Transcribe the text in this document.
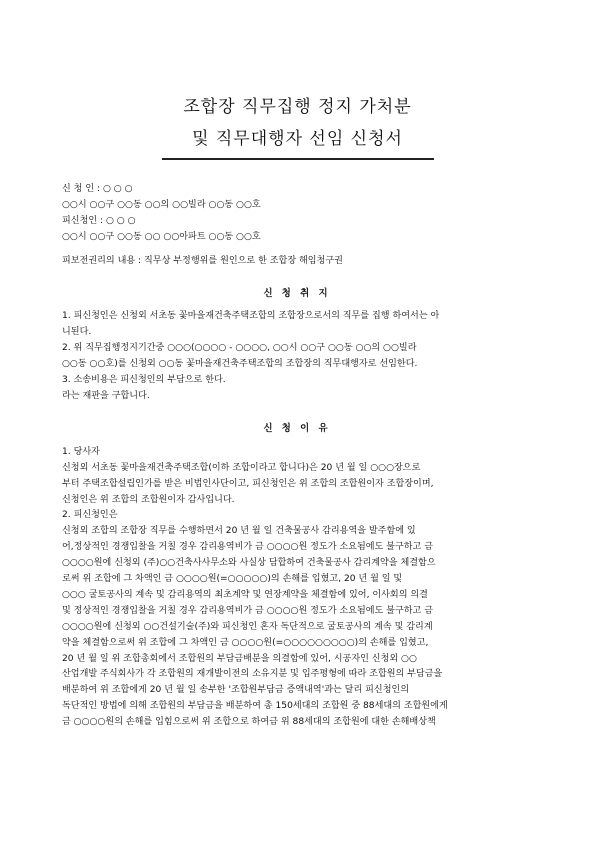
조합장 직무집행 정지 가처분

및 직무대행자 선임 신청서

신 청 인 : ○ ○ ○
○○시 ○○구 ○○동 ○○의 ○○빌라 ○○동 ○○호
피신청인 : ○ ○ ○
○○시 ○○구 ○○동 ○○ ○○아파트 ○○동 ○○호
피보전권리의 내용 : 직무상 부정행위를 원인으로 한 조합장 해임청구권
신 청 취 지
1. 피신청인은 신청외 서초동 꽃마을재건축주택조합의 조합장으로서의 직무를 집행 하여서는 아
니된다.
2. 위 직무집행정지기간중 ○○○(○○○○ - ○○○○, ○○시 ○○구 ○○동 ○○의 ○○빌라
○○동 ○○호)를 신청외 ○○동 꽃마을재건축주택조합의 조합장의 직무대행자로 선임한다.
3. 소송비용은 피신청인의 부담으로 한다.
라는 재판을 구합니다.
신 청 이 유
1. 당사자
신청외 서초동 꽃마을재건축주택조합(이하 조합이라고 합니다)은 20 년 월 일 ○○○장으로
부터 주택조합설립인가를 받은 비법인사단이고, 피신청인은 위 조합의 조합원이자 조합장이며,
신청인은 위 조합의 조합원이자 감사입니다.
2. 피신청인은
신청외 조합의 조합장 직무를 수행하면서 20 년 월 일 건축물공사 감리용역을 발주함에 있
어,정상적인 경쟁입찰을 거칠 경우 감리용역비가 금 ○○○○원 정도가 소요됨에도 불구하고 금
○○○○원에 신청외 (주)○○건축사사무소와 사실상 담합하여 건축물공사 감리계약을 체결함으
로써 위 조합에 그 차액인 금 ○○○○원(=○○○○○)의 손해를 입혔고, 20 년 월 일 및
○○○ 굴토공사의 계속 및 감리용역의 최초계약 및 연장계약을 체결함에 있어, 이사회의 의결
및 정상적인 경쟁입찰을 거칠 경우 감리용역비가 금 ○○○○원 정도가 소요됨에도 불구하고 금
○○○○원에 신청외 ○○건설기술(주)와 피신청인 혼자 독단적으로 굴토공사의 계속 및 감리계
약을 체결함으로써 위 조합에 그 차액인 금 ○○○○원(=○○○○○○○○○)의 손해를 입혔고,
20 년 월 일 위 조합총회에서 조합원의 부담금배분을 의결함에 있어, 시공자인 신청외 ○○
산업개발 주식회사가 각 조합원의 재개발이전의 소유지분 및 입주평형에 따라 조합원의 부담금을
배분하여 위 조합에게 20 년 월 일 송부한 '조합원부담금 증액내역'과는 달리 피신청인의
독단적인 방법에 의해 조합원의 부담금을 배분하여 총 150세대의 조합원 중 88세대의 조합원에게
금 ○○○○원의 손해를 입힘으로써 위 조합으로 하여금 위 88세대의 조합원에 대한 손해배상책
